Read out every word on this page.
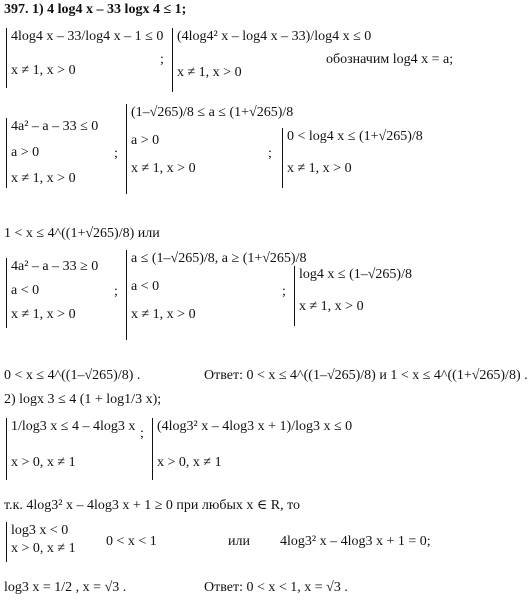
397. 1) 4 log4 x – 33 logx 4 ≤ 1;
4log4 x – 33/log4 x – 1 ≤ 0
x ≠ 1, x > 0
;
(4log4² x – log4 x – 33)/log4 x ≤ 0
x ≠ 1, x > 0
обозначим log4 x = a;
4a² – a – 33 ≤ 0
a > 0
x ≠ 1, x > 0
;
(1–√265)/8 ≤ a ≤ (1+√265)/8
a > 0
x ≠ 1, x > 0
;
0 < log4 x ≤ (1+√265)/8
x ≠ 1, x > 0
1 < x ≤ 4^((1+√265)/8) или
4a² – a – 33 ≥ 0
a < 0
x ≠ 1, x > 0
;
a ≤ (1–√265)/8, a ≥ (1+√265)/8
a < 0
x ≠ 1, x > 0
;
log4 x ≤ (1–√265)/8
x ≠ 1, x > 0
0 < x ≤ 4^((1–√265)/8) .	Ответ: 0 < x ≤ 4^((1–√265)/8) и 1 < x ≤ 4^((1+√265)/8) .
2) logx 3 ≤ 4 (1 + log1/3 x);
1/log3 x ≤ 4 – 4log3 x
x > 0, x ≠ 1
; (4log3² x – 4log3 x + 1)/log3 x ≤ 0
x > 0, x ≠ 1
т.к. 4log3² x – 4log3 x + 1 ≥ 0 при любых x ∈ R, то
log3 x < 0
x > 0, x ≠ 1 0 < x < 1	или 4log3² x – 4log3 x + 1 = 0;
log3 x = 1/2 , x = √3 .	Ответ: 0 < x < 1, x = √3 .
